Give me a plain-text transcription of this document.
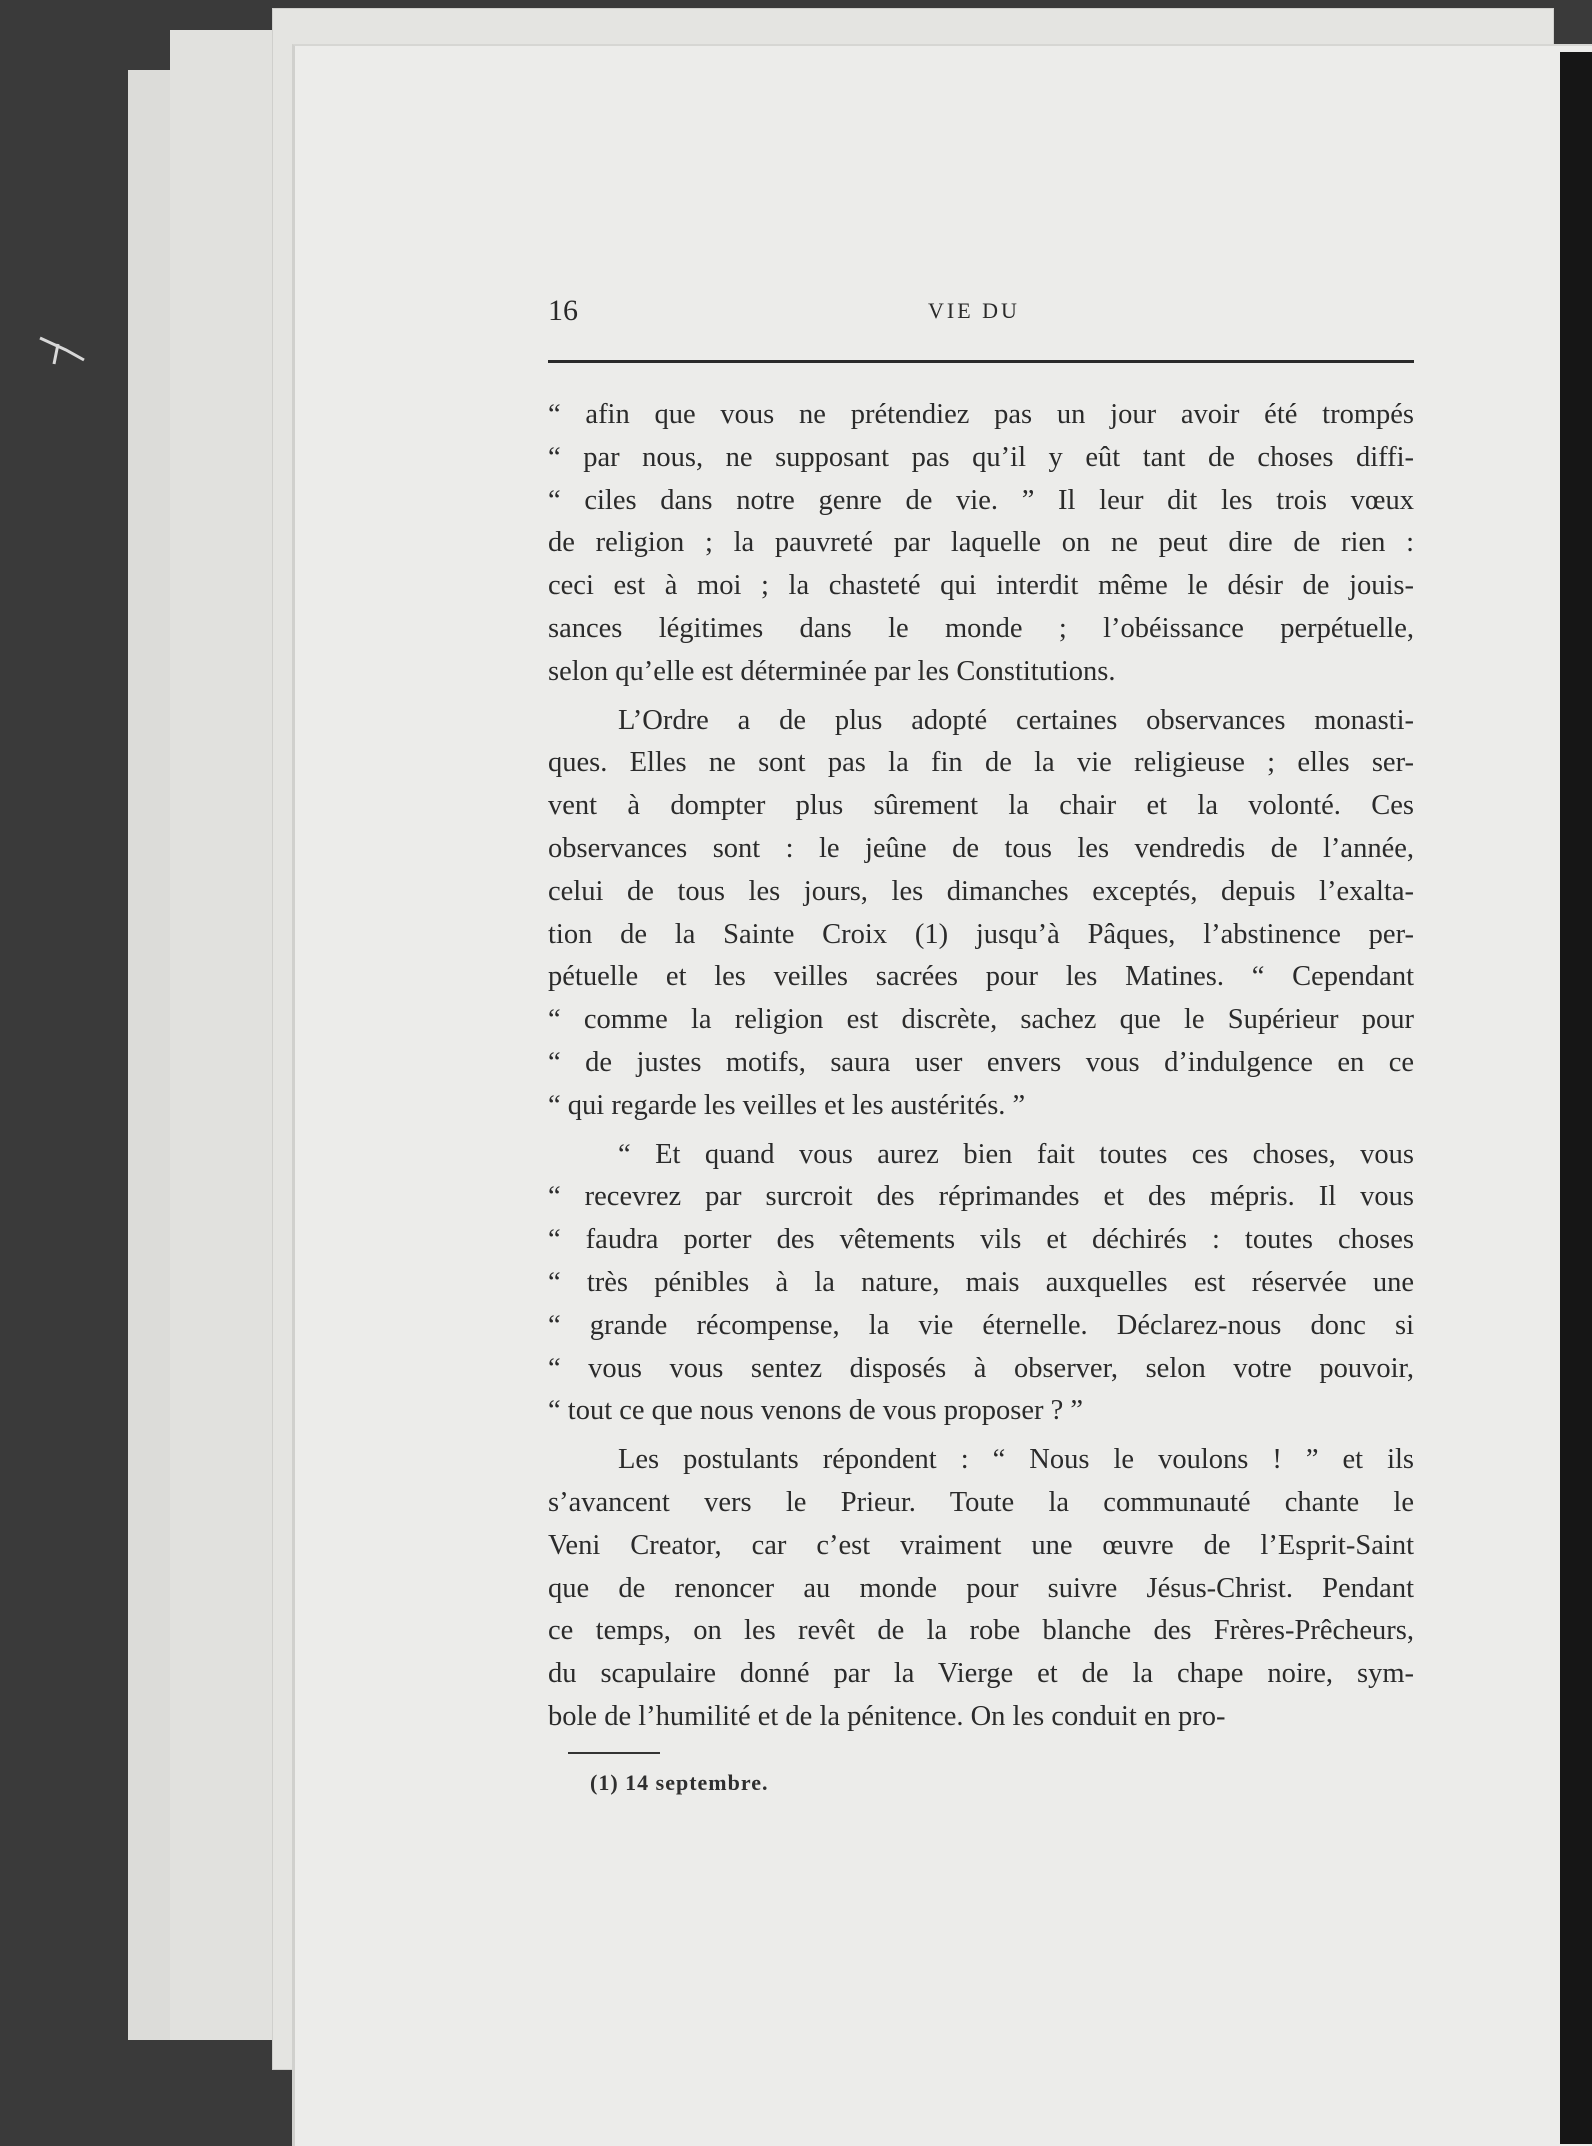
16	VIE DU

“ afin que vous ne prétendiez pas un jour avoir été trompés
“ par nous, ne supposant pas qu’il y eût tant de choses diffi-
“ ciles dans notre genre de vie. ” Il leur dit les trois vœux
de religion ; la pauvreté par laquelle on ne peut dire de rien :
ceci est à moi ; la chasteté qui interdit même le désir de jouis-
sances légitimes dans le monde ; l’obéissance perpétuelle,
selon qu’elle est déterminée par les Constitutions.

L’Ordre a de plus adopté certaines observances monasti-
ques. Elles ne sont pas la fin de la vie religieuse ; elles ser-
vent à dompter plus sûrement la chair et la volonté. Ces
observances sont : le jeûne de tous les vendredis de l’année,
celui de tous les jours, les dimanches exceptés, depuis l’exalta-
tion de la Sainte Croix (1) jusqu’à Pâques, l’abstinence per-
pétuelle et les veilles sacrées pour les Matines. “ Cependant
“ comme la religion est discrète, sachez que le Supérieur pour
“ de justes motifs, saura user envers vous d’indulgence en ce
“ qui regarde les veilles et les austérités. ”

“ Et quand vous aurez bien fait toutes ces choses, vous
“ recevrez par surcroit des réprimandes et des mépris. Il vous
“ faudra porter des vêtements vils et déchirés : toutes choses
“ très pénibles à la nature, mais auxquelles est réservée une
“ grande récompense, la vie éternelle. Déclarez-nous donc si
“ vous vous sentez disposés à observer, selon votre pouvoir,
“ tout ce que nous venons de vous proposer ? ”

Les postulants répondent : “ Nous le voulons ! ” et ils
s’avancent vers le Prieur. Toute la communauté chante le
Veni Creator, car c’est vraiment une œuvre de l’Esprit-Saint
que de renoncer au monde pour suivre Jésus-Christ. Pendant
ce temps, on les revêt de la robe blanche des Frères-Prêcheurs,
du scapulaire donné par la Vierge et de la chape noire, sym-
bole de l’humilité et de la pénitence. On les conduit en pro-

(1) 14 septembre.
